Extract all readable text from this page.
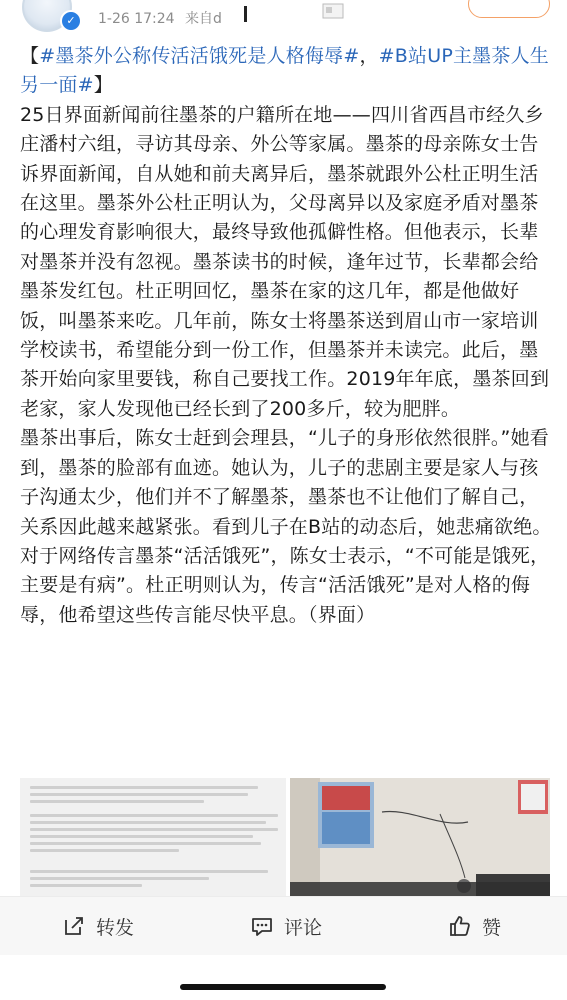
✓	1-26 17:24 来自d

【#墨茶外公称传活活饿死是人格侮辱#，#B站UP主墨茶人生另一面#】

25日界面新闻前往墨茶的户籍所在地——四川省西昌市经久乡庄潘村六组，寻访其母亲、外公等家属。墨茶的母亲陈女士告诉界面新闻，自从她和前夫离异后，墨茶就跟外公杜正明生活在这里。墨茶外公杜正明认为，父母离异以及家庭矛盾对墨茶的心理发育影响很大，最终导致他孤僻性格。但他表示，长辈对墨茶并没有忽视。墨茶读书的时候，逢年过节，长辈都会给墨茶发红包。杜正明回忆，墨茶在家的这几年，都是他做好饭，叫墨茶来吃。几年前，陈女士将墨茶送到眉山市一家培训学校读书，希望能分到一份工作，但墨茶并未读完。此后，墨茶开始向家里要钱，称自己要找工作。2019年年底，墨茶回到老家，家人发现他已经长到了200多斤，较为肥胖。

墨茶出事后，陈女士赶到会理县，“儿子的身形依然很胖。”她看到，墨茶的脸部有血迹。她认为，儿子的悲剧主要是家人与孩子沟通太少，他们并不了解墨茶，墨茶也不让他们了解自己，关系因此越来越紧张。看到儿子在B站的动态后，她悲痛欲绝。对于网络传言墨茶“活活饿死”，陈女士表示，“不可能是饿死，主要是有病”。杜正明则认为，传言“活活饿死”是对人格的侮辱，他希望这些传言能尽快平息。（界面）

转发	评论	赞
